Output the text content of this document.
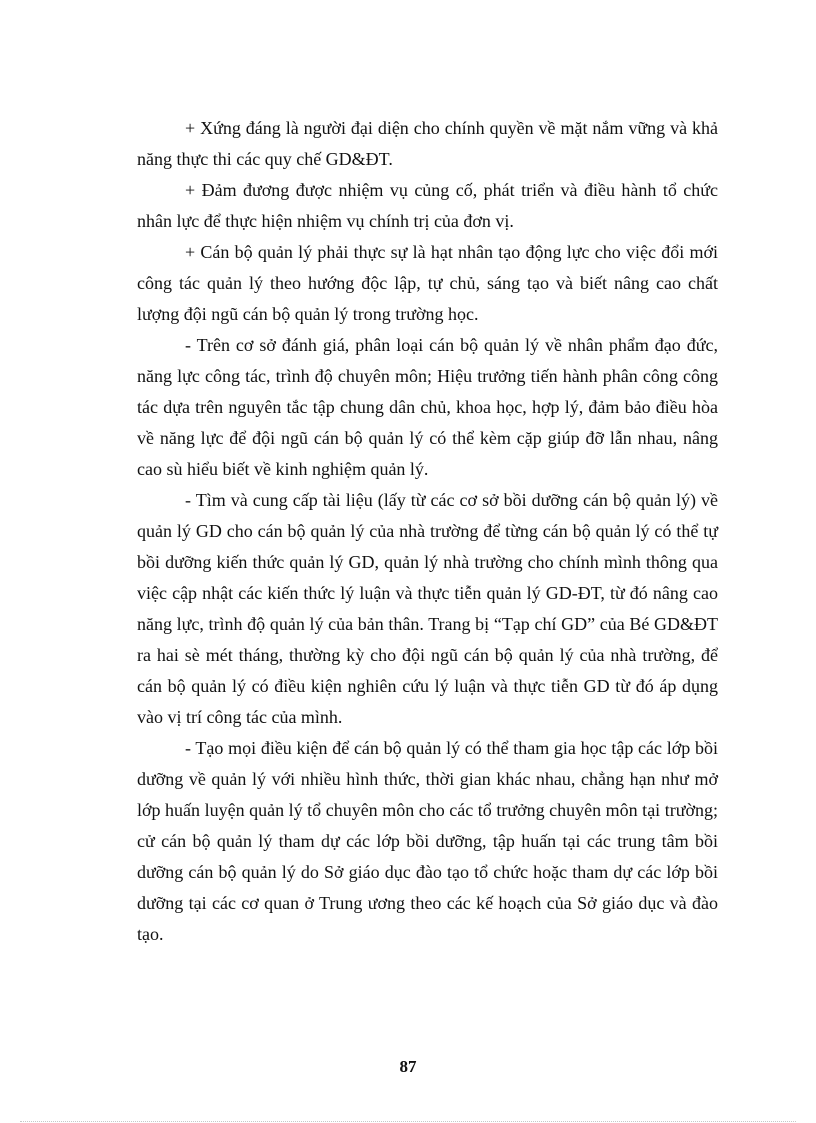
+ Xứng đáng là người đại diện cho chính quyền về mặt nắm vững và khả năng thực thi các quy chế GD&ĐT.

+ Đảm đương được nhiệm vụ củng cố, phát triển và điều hành tổ chức nhân lực để thực hiện nhiệm vụ chính trị của đơn vị.

+ Cán bộ quản lý phải thực sự là hạt nhân tạo động lực cho việc đổi mới công tác quản lý theo hướng độc lập, tự chủ, sáng tạo và biết nâng cao chất lượng đội ngũ cán bộ quản lý trong trường học.

- Trên cơ sở đánh giá, phân loại cán bộ quản lý về nhân phẩm đạo đức, năng lực công tác, trình độ chuyên môn; Hiệu trưởng tiến hành phân công công tác dựa trên nguyên tắc tập chung dân chủ, khoa học, hợp lý, đảm bảo điều hòa về năng lực để đội ngũ cán bộ quản lý có thể kèm cặp giúp đỡ lẫn nhau, nâng cao sù hiểu biết về kinh nghiệm quản lý.

- Tìm và cung cấp tài liệu (lấy từ các cơ sở bồi dưỡng cán bộ quản lý) về quản lý GD cho cán bộ quản lý của nhà trường để từng cán bộ quản lý có thể tự bồi dưỡng kiến thức quản lý GD, quản lý nhà trường cho chính mình thông qua việc cập nhật các kiến thức lý luận và thực tiễn quản lý GD-ĐT, từ đó nâng cao năng lực, trình độ quản lý của bản thân. Trang bị “Tạp chí GD” của Bé GD&ĐT ra hai sè mét tháng, thường kỳ cho đội ngũ cán bộ quản lý của nhà trường, để cán bộ quản lý có điều kiện nghiên cứu lý luận và thực tiễn GD từ đó áp dụng vào vị trí công tác của mình.

- Tạo mọi điều kiện để cán bộ quản lý có thể tham gia học tập các lớp bồi dưỡng về quản lý với nhiều hình thức, thời gian khác nhau, chẳng hạn như mở lớp huấn luyện quản lý tổ chuyên môn cho các tổ trưởng chuyên môn tại trường; cử cán bộ quản lý tham dự các lớp bồi dưỡng, tập huấn tại các trung tâm bồi dưỡng cán bộ quản lý do Sở giáo dục đào tạo tổ chức hoặc tham dự các lớp bồi dưỡng tại các cơ quan ở Trung ương theo các kế hoạch của Sở giáo dục và đào tạo.

87
